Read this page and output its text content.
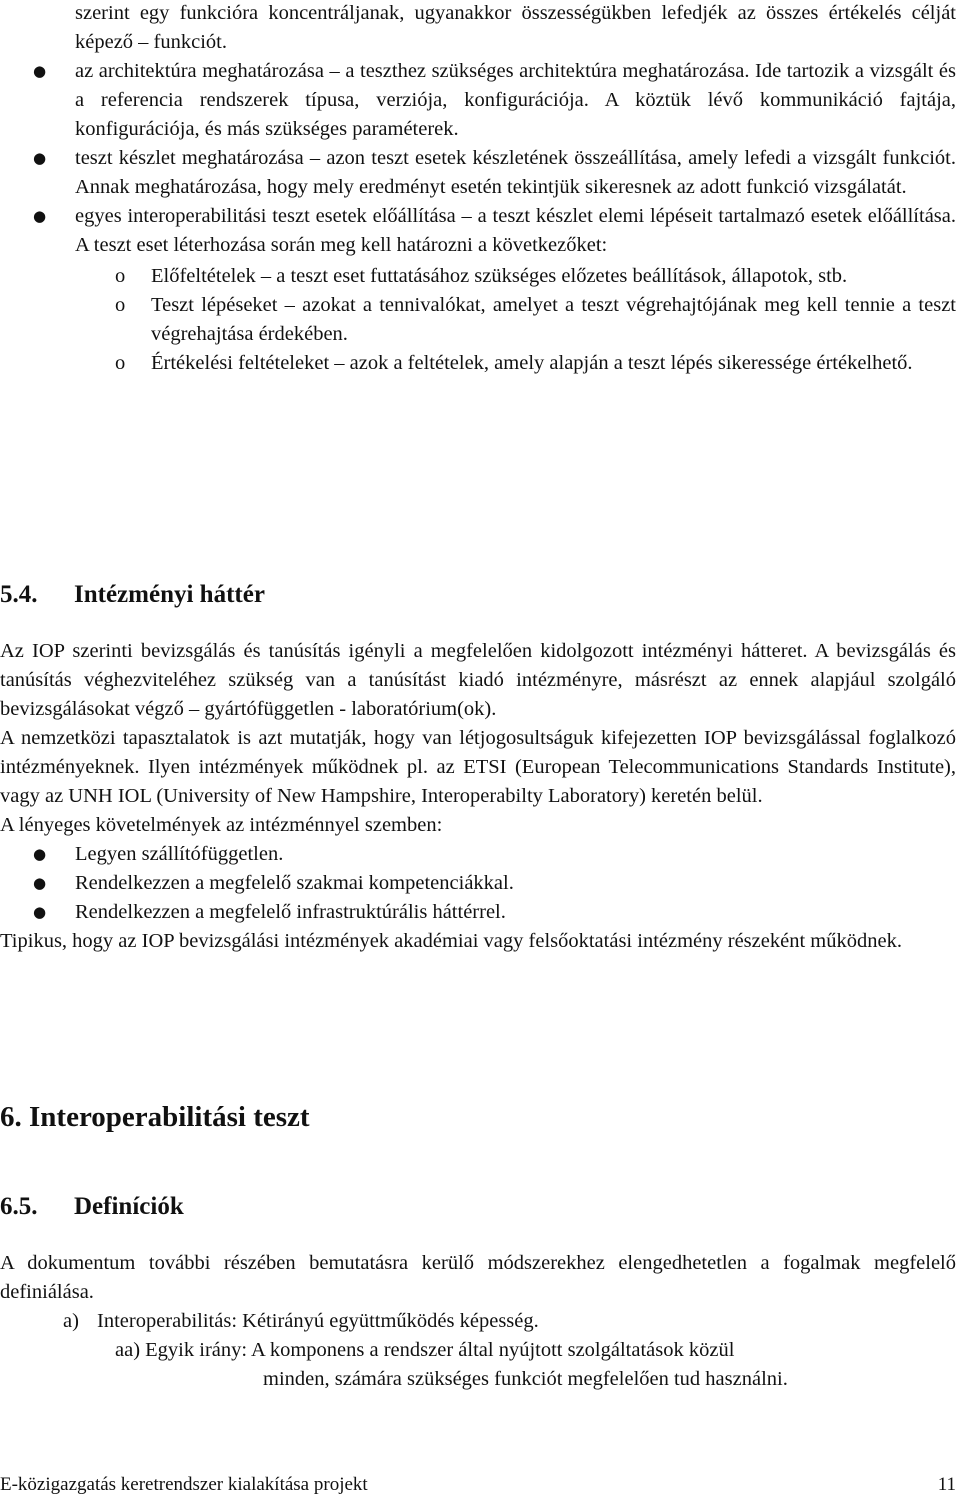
szerint egy funkcióra koncentráljanak, ugyanakkor összességükben lefedjék az összes értékelés célját képező – funkciót.
● az architektúra meghatározása – a teszthez szükséges architektúra meghatározása. Ide tartozik a vizsgált és a referencia rendszerek típusa, verziója, konfigurációja. A köztük lévő kommunikáció fajtája, konfigurációja, és más szükséges paraméterek.
● teszt készlet meghatározása – azon teszt esetek készletének összeállítása, amely lefedi a vizsgált funkciót. Annak meghatározása, hogy mely eredményt esetén tekintjük sikeresnek az adott funkció vizsgálatát.
● egyes interoperabilitási teszt esetek előállítása – a teszt készlet elemi lépéseit tartalmazó esetek előállítása. A teszt eset léterhozása során meg kell határozni a következőket:
o Előfeltételek – a teszt eset futtatásához szükséges előzetes beállítások, állapotok, stb.
o Teszt lépéseket – azokat a tennivalókat, amelyet a teszt végrehajtójának meg kell tennie a teszt végrehajtása érdekében.
o Értékelési feltételeket – azok a feltételek, amely alapján a teszt lépés sikeressége értékelhető.
5.4. Intézményi háttér
Az IOP szerinti bevizsgálás és tanúsítás igényli a megfelelően kidolgozott intézményi hátteret. A bevizsgálás és tanúsítás véghezviteléhez szükség van a tanúsítást kiadó intézményre, másrészt az ennek alapjául szolgáló bevizsgálásokat végző – gyártófüggetlen - laboratórium(ok).
A nemzetközi tapasztalatok is azt mutatják, hogy van létjogosultságuk kifejezetten IOP bevizsgálással foglalkozó intézményeknek. Ilyen intézmények működnek pl. az ETSI (European Telecommunications Standards Institute), vagy az UNH IOL (University of New Hampshire, Interoperabilty Laboratory) keretén belül.
A lényeges követelmények az intézménnyel szemben:
● Legyen szállítófüggetlen.
● Rendelkezzen a megfelelő szakmai kompetenciákkal.
● Rendelkezzen a megfelelő infrastruktúrális háttérrel.
Tipikus, hogy az IOP bevizsgálási intézmények akadémiai vagy felsőoktatási intézmény részeként működnek.
6. Interoperabilitási teszt
6.5. Definíciók
A dokumentum további részében bemutatásra kerülő módszerekhez elengedhetetlen a fogalmak megfelelő definiálása.
a) Interoperabilitás: Kétirányú együttműködés képesség.
aa) Egyik irány: A komponens a rendszer által nyújtott szolgáltatások közül
minden, számára szükséges funkciót megfelelően tud használni.
E-közigazgatás keretrendszer kialakítása projekt	11
